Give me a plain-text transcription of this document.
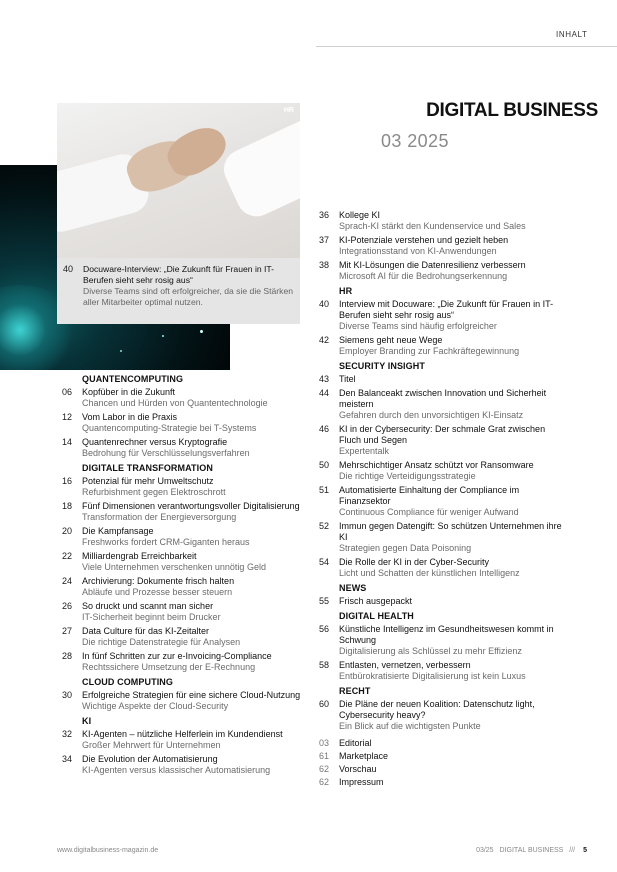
INHALT
DIGITAL BUSINESS
03 2025
HR
40	Docuware-Interview: „Die Zukunft für Frauen in IT-Berufen sieht sehr rosig aus“
Diverse Teams sind oft erfolgreicher, da sie die Stärken aller Mitarbeiter optimal nutzen.
QUANTENCOMPUTING
06	Kopfüber in die Zukunft
Chancen und Hürden von Quantentechnologie
12	Vom Labor in die Praxis
Quantencomputing-Strategie bei T-Systems
14	Quantenrechner versus Kryptografie
Bedrohung für Verschlüsselungsverfahren
DIGITALE TRANSFORMATION
16	Potenzial für mehr Umweltschutz
Refurbishment gegen Elektroschrott
18	Fünf Dimensionen verantwortungsvoller Digitalisierung
Transformation der Energieversorgung
20	Die Kampfansage
Freshworks fordert CRM-Giganten heraus
22	Milliardengrab Erreichbarkeit
Viele Unternehmen verschenken unnötig Geld
24	Archivierung: Dokumente frisch halten
Abläufe und Prozesse besser steuern
26	So druckt und scannt man sicher
IT-Sicherheit beginnt beim Drucker
27	Data Culture für das KI-Zeitalter
Die richtige Datenstrategie für Analysen
28	In fünf Schritten zur zur e-Invoicing-Compliance
Rechtssichere Umsetzung der E-Rechnung
CLOUD COMPUTING
30	Erfolgreiche Strategien für eine sichere Cloud-Nutzung
Wichtige Aspekte der Cloud-Security
KI
32	KI-Agenten – nützliche Helferlein im Kundendienst
Großer Mehrwert für Unternehmen
34	Die Evolution der Automatisierung
KI-Agenten versus klassischer Automatisierung
36	Kollege KI
Sprach-KI stärkt den Kundenservice und Sales
37	KI-Potenziale verstehen und gezielt heben
Integrationsstand von KI-Anwendungen
38	Mit KI-Lösungen die Datenresilienz verbessern
Microsoft AI für die Bedrohungserkennung
HR
40	Interview mit Docuware: „Die Zukunft für Frauen in IT-Berufen sieht sehr rosig aus“
Diverse Teams sind häufig erfolgreicher
42	Siemens geht neue Wege
Employer Branding zur Fachkräftegewinnung
SECURITY INSIGHT
43	Titel
44	Den Balanceakt zwischen Innovation und Sicherheit meistern
Gefahren durch den unvorsichtigen KI-Einsatz
46	KI in der Cybersecurity: Der schmale Grat zwischen Fluch und Segen
Expertentalk
50	Mehrschichtiger Ansatz schützt vor Ransomware
Die richtige Verteidigungsstrategie
51	Automatisierte Einhaltung der Compliance im Finanzsektor
Continuous Compliance für weniger Aufwand
52	Immun gegen Datengift: So schützen Unternehmen ihre KI
Strategien gegen Data Poisoning
54	Die Rolle der KI in der Cyber-Security
Licht und Schatten der künstlichen Intelligenz
NEWS
55	Frisch ausgepackt
DIGITAL HEALTH
56	Künstliche Intelligenz im Gesundheitswesen kommt in Schwung
Digitalisierung als Schlüssel zu mehr Effizienz
58	Entlasten, vernetzen, verbessern
Entbürokratisierte Digitalisierung ist kein Luxus
RECHT
60	Die Pläne der neuen Koalition: Datenschutz light, Cybersecurity heavy?
Ein Blick auf die wichtigsten Punkte
03	Editorial
61	Marketplace
62	Vorschau
62	Impressum
www.digitalbusiness-magazin.de	03/25 DIGITAL BUSINESS /// 5
